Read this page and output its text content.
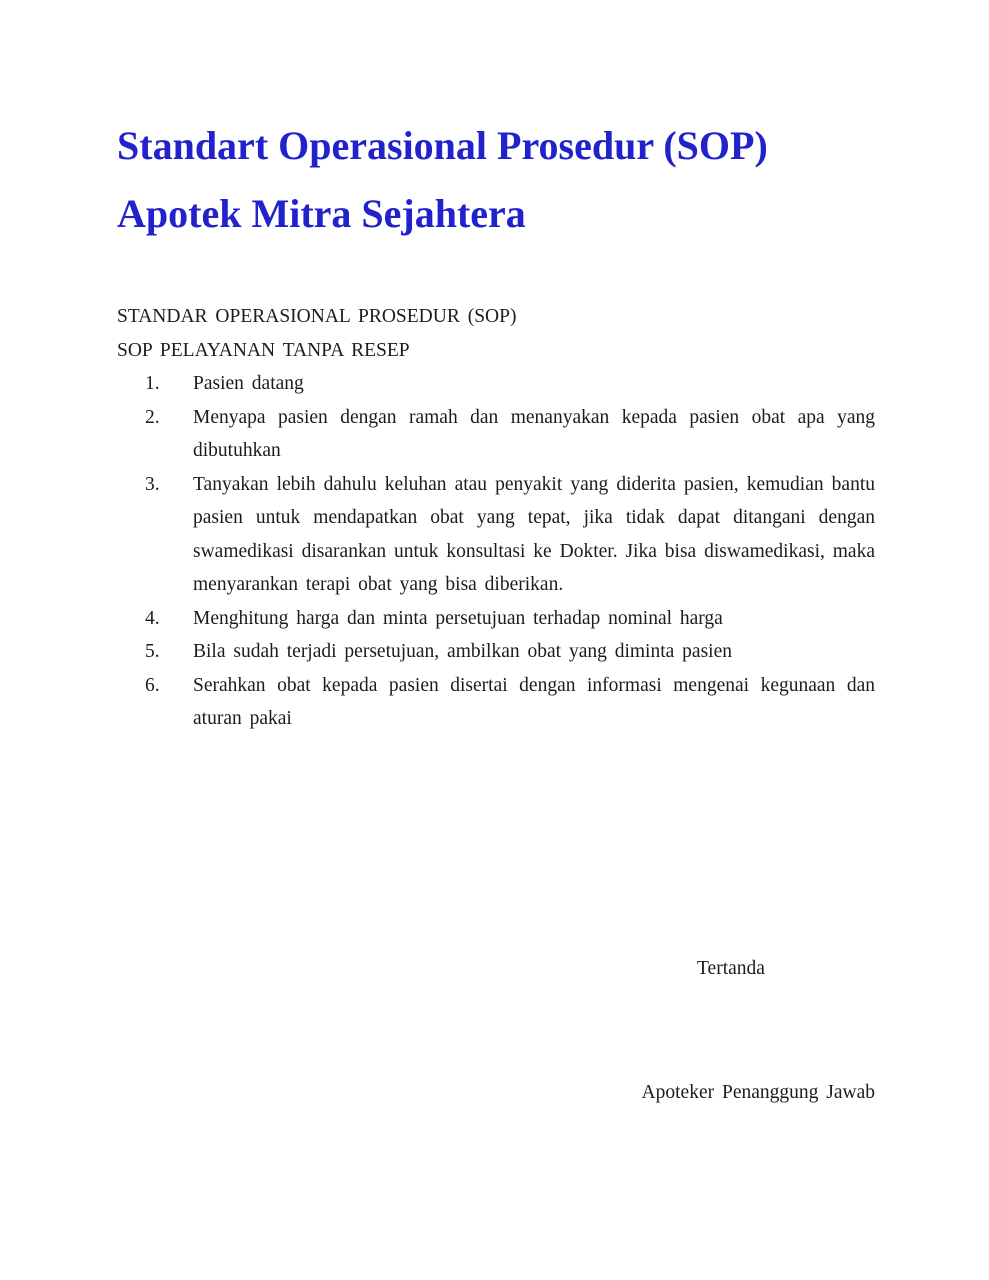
Standart Operasional Prosedur (SOP)
Apotek Mitra Sejahtera
STANDAR OPERASIONAL PROSEDUR (SOP)
SOP PELAYANAN TANPA RESEP
1.	Pasien datang
2.	Menyapa pasien dengan ramah dan menanyakan kepada pasien obat apa yang dibutuhkan
3.	Tanyakan lebih dahulu keluhan atau penyakit yang diderita pasien, kemudian bantu pasien untuk mendapatkan obat yang tepat, jika tidak dapat ditangani dengan swamedikasi disarankan untuk konsultasi ke Dokter. Jika bisa diswamedikasi, maka menyarankan terapi obat yang bisa diberikan.
4.	Menghitung harga dan minta persetujuan terhadap nominal harga
5.	Bila sudah terjadi persetujuan, ambilkan obat yang diminta pasien
6.	Serahkan obat kepada pasien disertai dengan informasi mengenai kegunaan dan aturan pakai
Tertanda
Apoteker Penanggung Jawab
